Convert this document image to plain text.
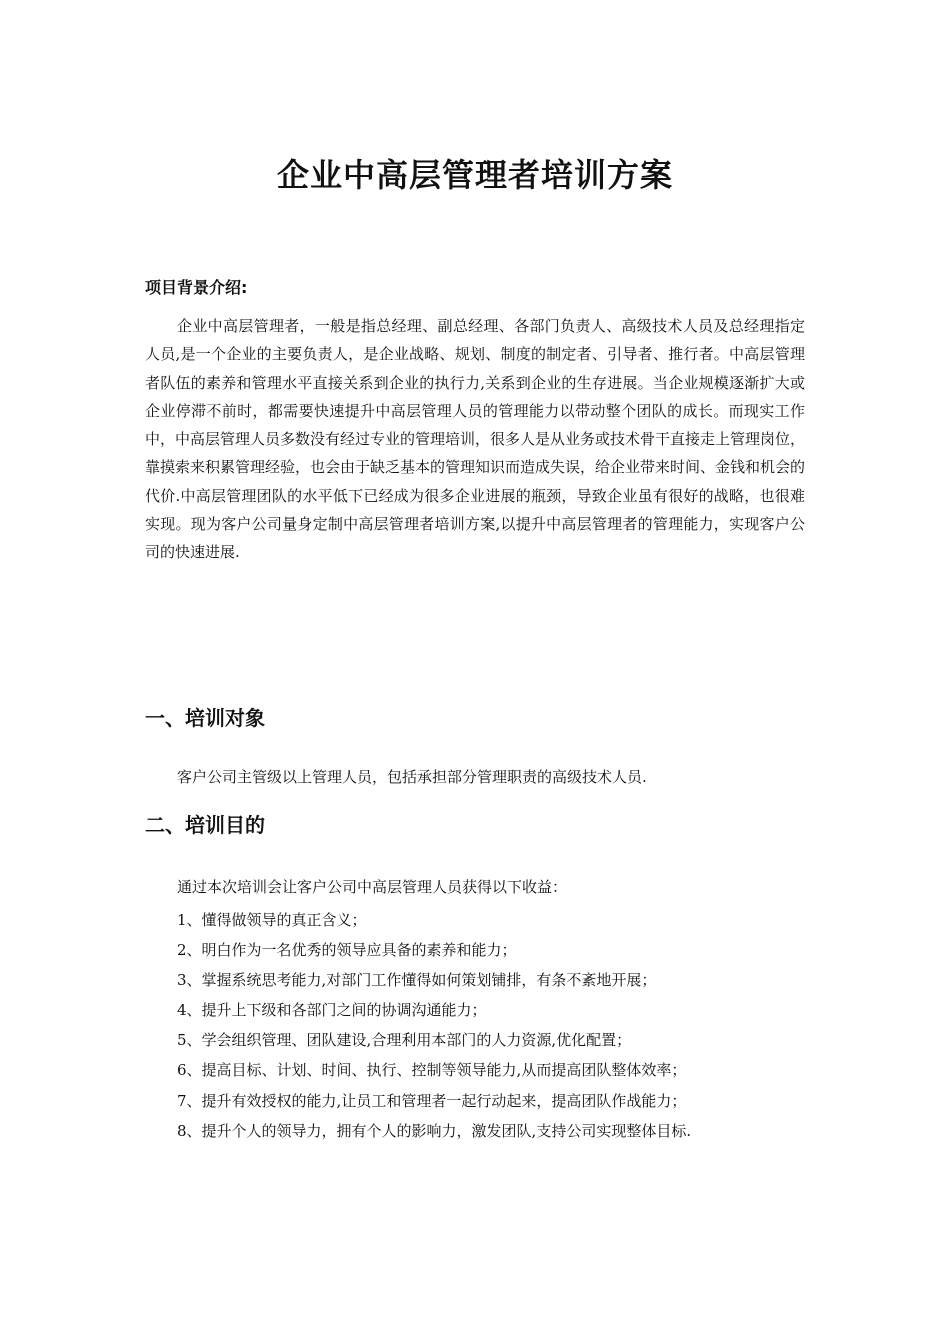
企业中高层管理者培训方案

项目背景介绍:

企业中高层管理者，一般是指总经理、副总经理、各部门负责人、高级技术人员及总经理指定人员,是一个企业的主要负责人，是企业战略、规划、制度的制定者、引导者、推行者。中高层管理者队伍的素养和管理水平直接关系到企业的执行力,关系到企业的生存进展。当企业规模逐渐扩大或企业停滞不前时，都需要快速提升中高层管理人员的管理能力以带动整个团队的成长。而现实工作中，中高层管理人员多数没有经过专业的管理培训，很多人是从业务或技术骨干直接走上管理岗位，靠摸索来积累管理经验，也会由于缺乏基本的管理知识而造成失误，给企业带来时间、金钱和机会的代价.中高层管理团队的水平低下已经成为很多企业进展的瓶颈，导致企业虽有很好的战略，也很难实现。现为客户公司量身定制中高层管理者培训方案,以提升中高层管理者的管理能力，实现客户公司的快速进展.

一、培训对象

客户公司主管级以上管理人员，包括承担部分管理职责的高级技术人员.

二、培训目的

通过本次培训会让客户公司中高层管理人员获得以下收益：

1、懂得做领导的真正含义；
2、明白作为一名优秀的领导应具备的素养和能力；
3、掌握系统思考能力,对部门工作懂得如何策划铺排，有条不紊地开展；
4、提升上下级和各部门之间的协调沟通能力；
5、学会组织管理、团队建设,合理利用本部门的人力资源,优化配置；
6、提高目标、计划、时间、执行、控制等领导能力,从而提高团队整体效率；
7、提升有效授权的能力,让员工和管理者一起行动起来，提高团队作战能力；
8、提升个人的领导力，拥有个人的影响力，激发团队,支持公司实现整体目标.
